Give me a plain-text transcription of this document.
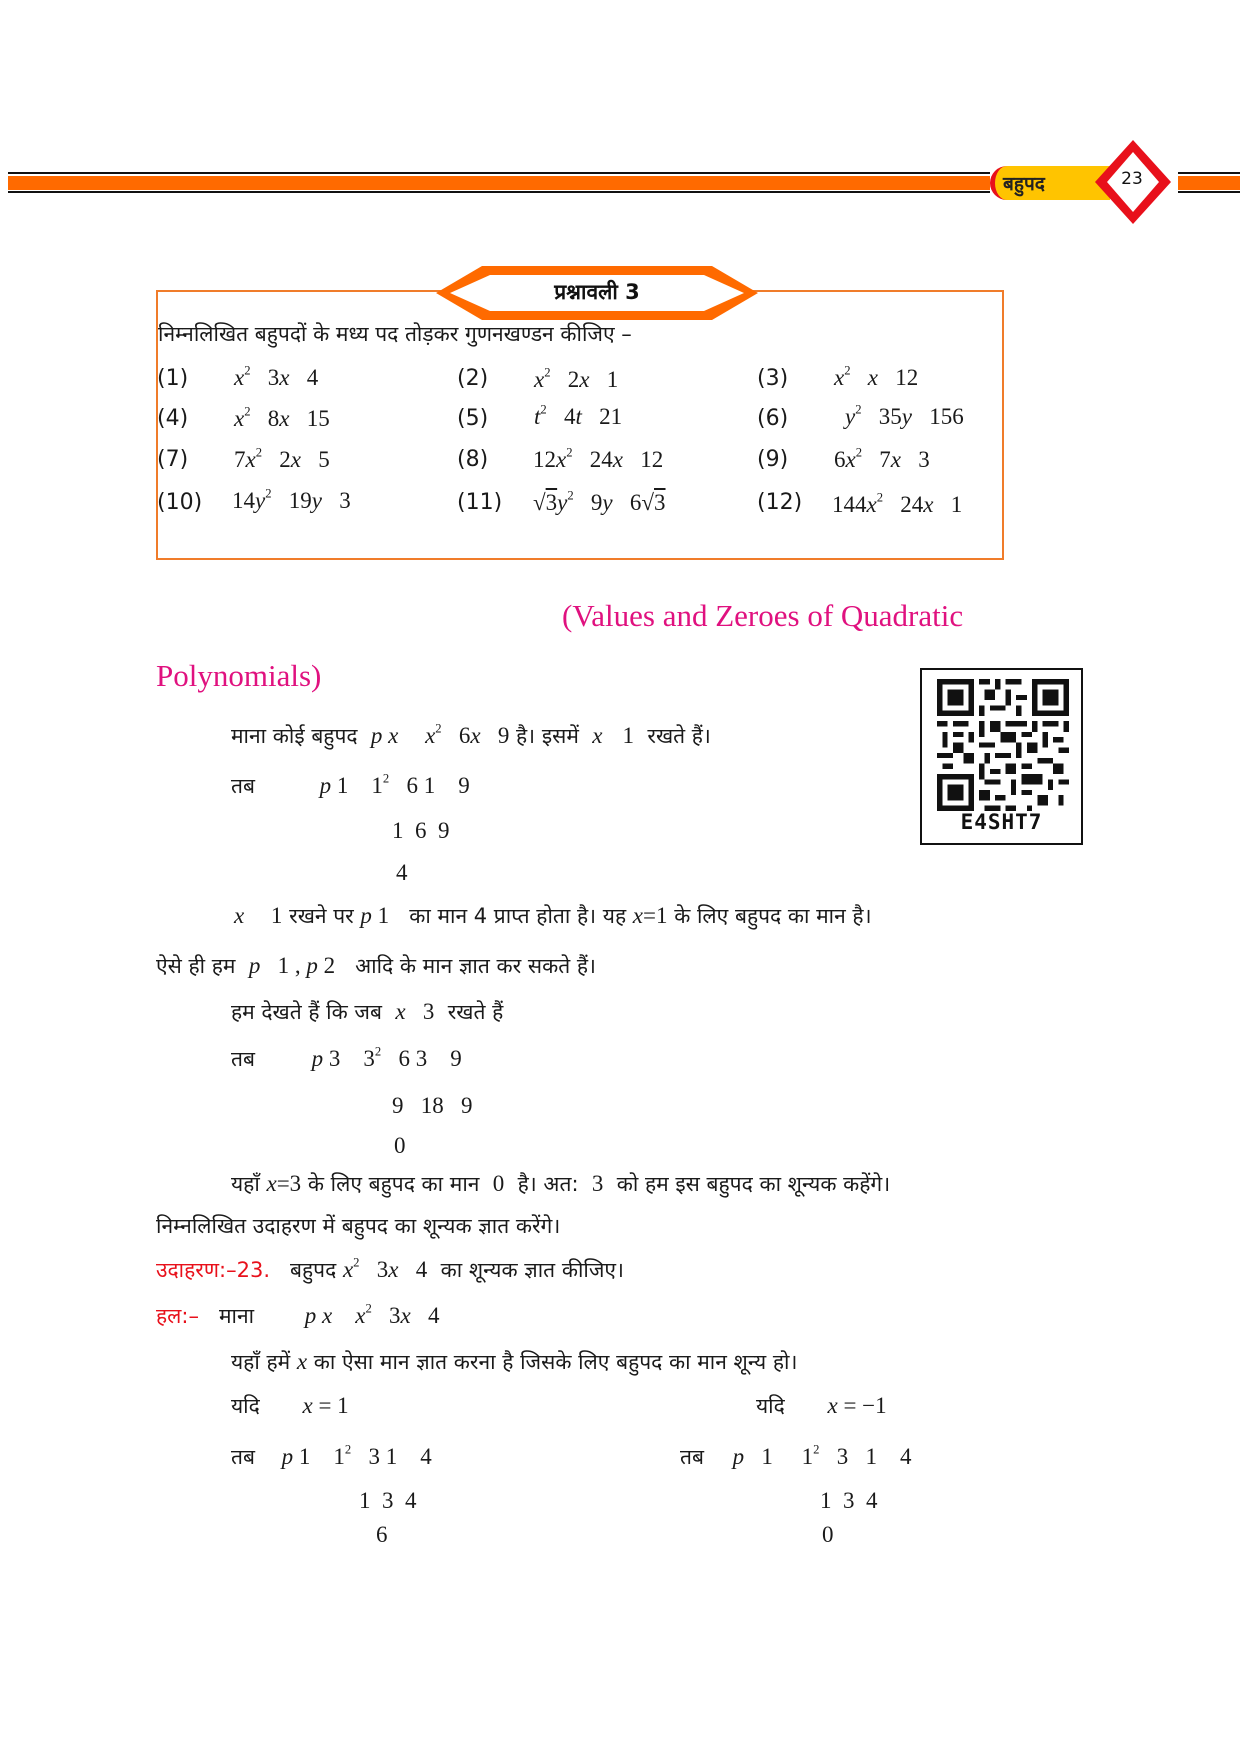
बहुपद	23
प्रश्नावली 3
निम्नलिखित बहुपदों के मध्य पद तोड़कर गुणनखण्डन कीजिए –
(1) $x^2$   3x   4	(2) $x^2$   2x   1	(3) $x^2$ x   12
(4) $x^2$   8x   15	(5) $t^2$   4t   21	(6) $y^2$   35y   156
(7) $7x^2$   2x   5	(8) $12x^2$   24x   12	(9) $6x^2$   7x   3
(10) $14y^2$   19y   3	(11) $√3y^2$   9y   6√3	(12) $144x^2$   24x   1
(Values and Zeroes of Quadratic
Polynomials)
E4SHT7
माना कोई बहुपद p x $x^2$   6x   9 है। इसमें x 1 रखते हैं।
तब	p 1    $1^2$   6 1    9
1  6  9
4
x 1 रखने पर p 1 का मान 4 प्राप्त होता है। यह x=1 के लिए बहुपद का मान है।
ऐसे ही हम p   1 , p 2 आदि के मान ज्ञात कर सकते हैं।
हम देखते हैं कि जब x   3 रखते हैं
तब p 3    $3^2$   6 3    9
9   18   9
0
यहाँ x=3 के लिए बहुपद का मान 0 है। अत: 3 को हम इस बहुपद का शून्यक कहेंगे।
निम्नलिखित उदाहरण में बहुपद का शून्यक ज्ञात करेंगे।
उदाहरण:–23. बहुपद $x^2$   3x   4 का शून्यक ज्ञात कीजिए।
हल:– माना p x $x^2$   3x   4
यहाँ हमें x का ऐसा मान ज्ञात करना है जिसके लिए बहुपद का मान शून्य हो।
यदि x = 1
तब p 1    $1^2$   3 1    4
1  3  4
6
यदि x = −1
तब p   1     $1^2$   3   1    4
1  3  4
0
